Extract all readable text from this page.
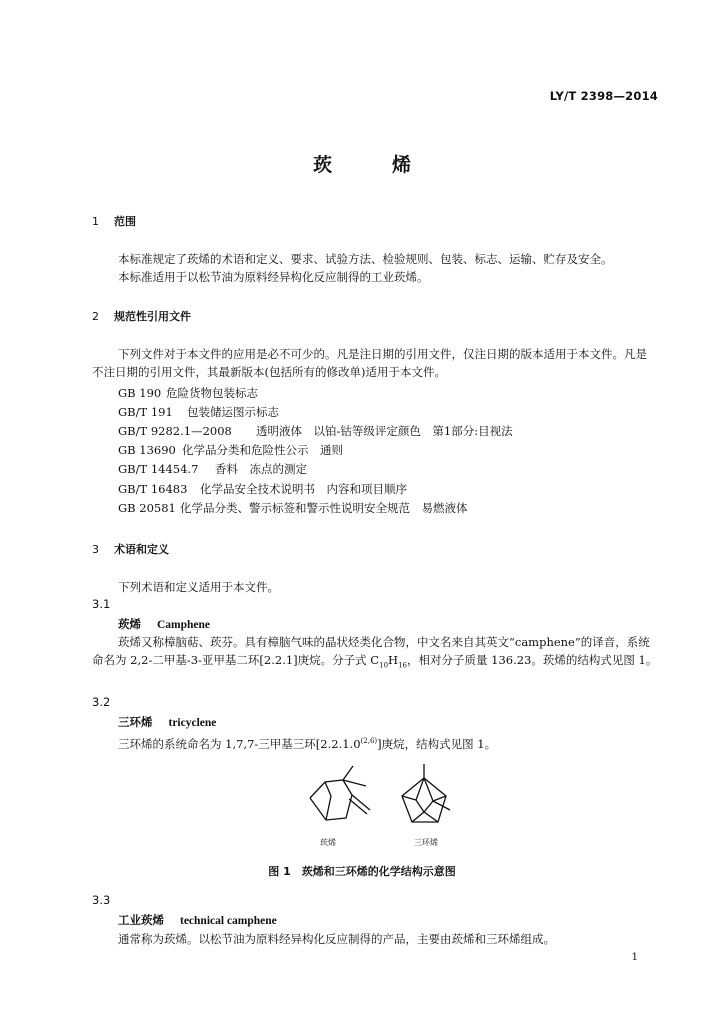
LY/T 2398—2014
莰	烯
1 范围
本标准规定了莰烯的术语和定义、要求、试验方法、检验规则、包装、标志、运输、贮存及安全。
本标准适用于以松节油为原料经异构化反应制得的工业莰烯。
2 规范性引用文件
下列文件对于本文件的应用是必不可少的。凡是注日期的引用文件，仅注日期的版本适用于本文件。凡是不注日期的引用文件，其最新版本(包括所有的修改单)适用于本文件。
GB 190 危险货物包装标志
GB/T 191 包装储运图示标志
GB/T 9282.1—2008 透明液体　以铂-钴等级评定颜色　第1部分:目视法
GB 13690 化学品分类和危险性公示　通则
GB/T 14454.7 香料　冻点的测定
GB/T 16483 化学品安全技术说明书　内容和项目顺序
GB 20581 化学品分类、警示标签和警示性说明安全规范　易燃液体
3 术语和定义
下列术语和定义适用于本文件。
3.1
莰烯 Camphene
莰烯又称樟脑萜、莰芬。具有樟脑气味的晶状烃类化合物，中文名来自其英文“camphene”的译音，系统命名为 2,2-二甲基-3-亚甲基二环[2.2.1]庚烷。分子式 $C_{10}H_{16}$，相对分子质量 136.23。莰烯的结构式见图 1。
3.2
三环烯 tricyclene
三环烯的系统命名为 1,7,7-三甲基三环[2.2.1.0$^{(2,6)}$]庚烷，结构式见图 1。
莰烯	三环烯
图 1　莰烯和三环烯的化学结构示意图
3.3
工业莰烯 technical camphene
通常称为莰烯。以松节油为原料经异构化反应制得的产品，主要由莰烯和三环烯组成。
1
